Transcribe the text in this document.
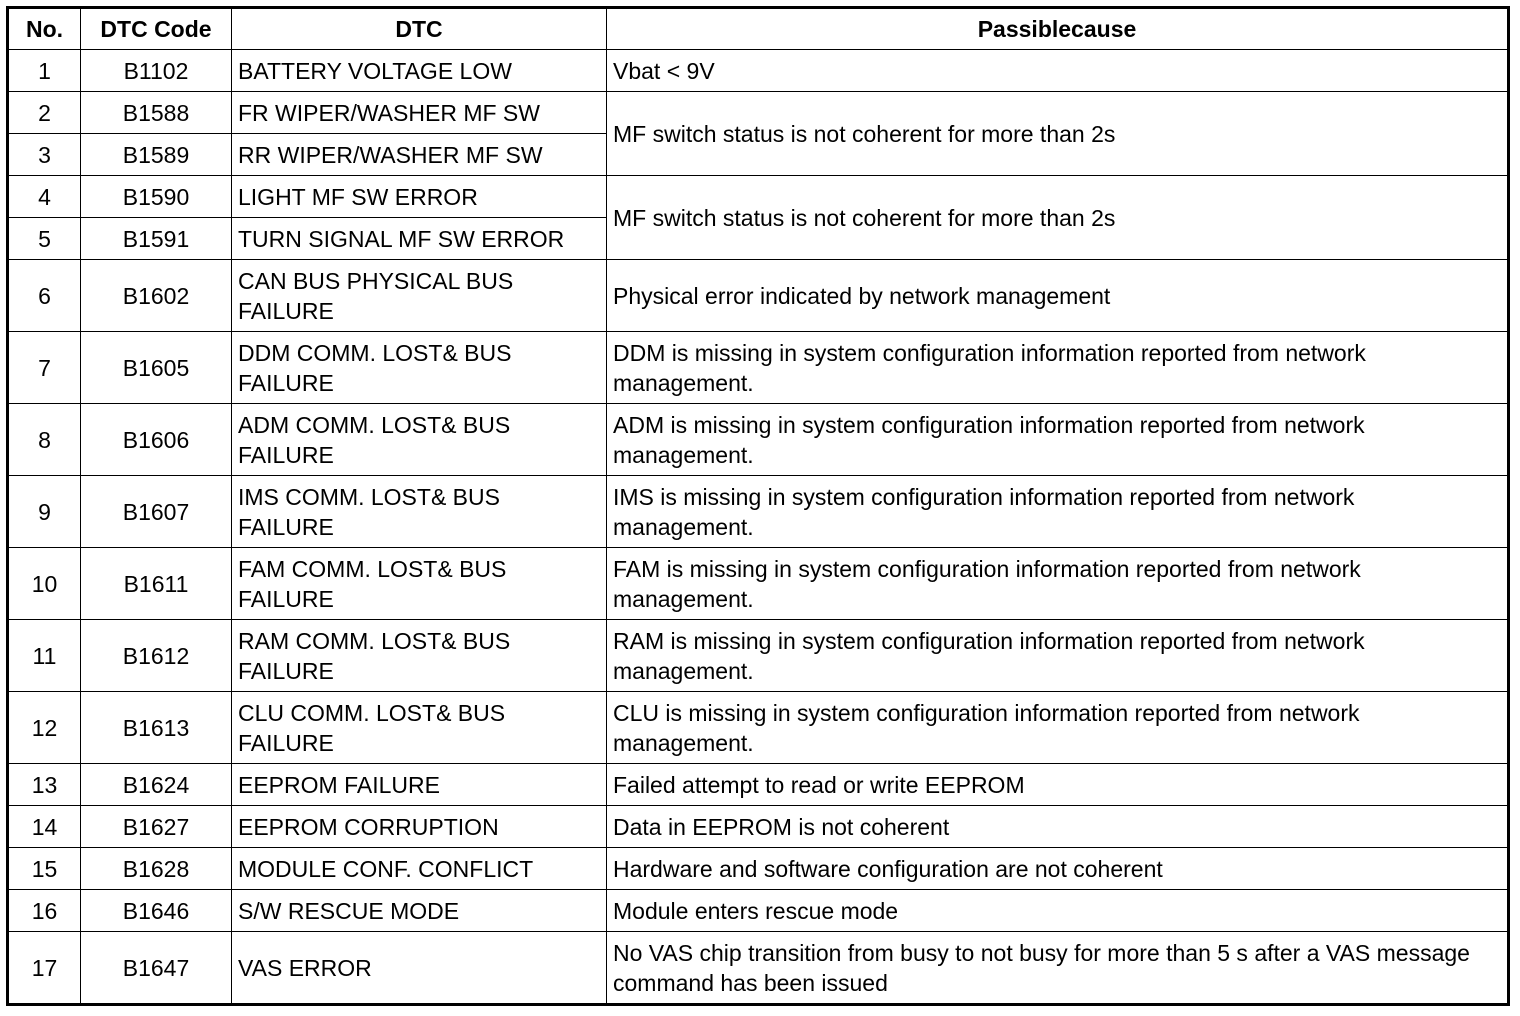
No.	DTC Code	DTC	Passiblecause
1	B1102	BATTERY VOLTAGE LOW	Vbat < 9V
2	B1588	FR WIPER/WASHER MF SW	MF switch status is not coherent for more than 2s
3	B1589	RR WIPER/WASHER MF SW	
4	B1590	LIGHT MF SW ERROR	MF switch status is not coherent for more than 2s
5	B1591	TURN SIGNAL MF SW ERROR	
6	B1602	CAN BUS PHYSICAL BUS FAILURE	Physical error indicated by network management
7	B1605	DDM COMM. LOST& BUS FAILURE	DDM is missing in system configuration information reported from network management.
8	B1606	ADM COMM. LOST& BUS FAILURE	ADM is missing in system configuration information reported from network management.
9	B1607	IMS COMM. LOST& BUS FAILURE	IMS is missing in system configuration information reported from network management.
10	B1611	FAM COMM. LOST& BUS FAILURE	FAM is missing in system configuration information reported from network management.
11	B1612	RAM COMM. LOST& BUS FAILURE	RAM is missing in system configuration information reported from network management.
12	B1613	CLU COMM. LOST& BUS FAILURE	CLU is missing in system configuration information reported from network management.
13	B1624	EEPROM FAILURE	Failed attempt to read or write EEPROM
14	B1627	EEPROM CORRUPTION	Data in EEPROM is not coherent
15	B1628	MODULE CONF. CONFLICT	Hardware and software configuration are not coherent
16	B1646	S/W RESCUE MODE	Module enters rescue mode
17	B1647	VAS ERROR	No VAS chip transition from busy to not busy for more than 5 s after a VAS message command has been issued
